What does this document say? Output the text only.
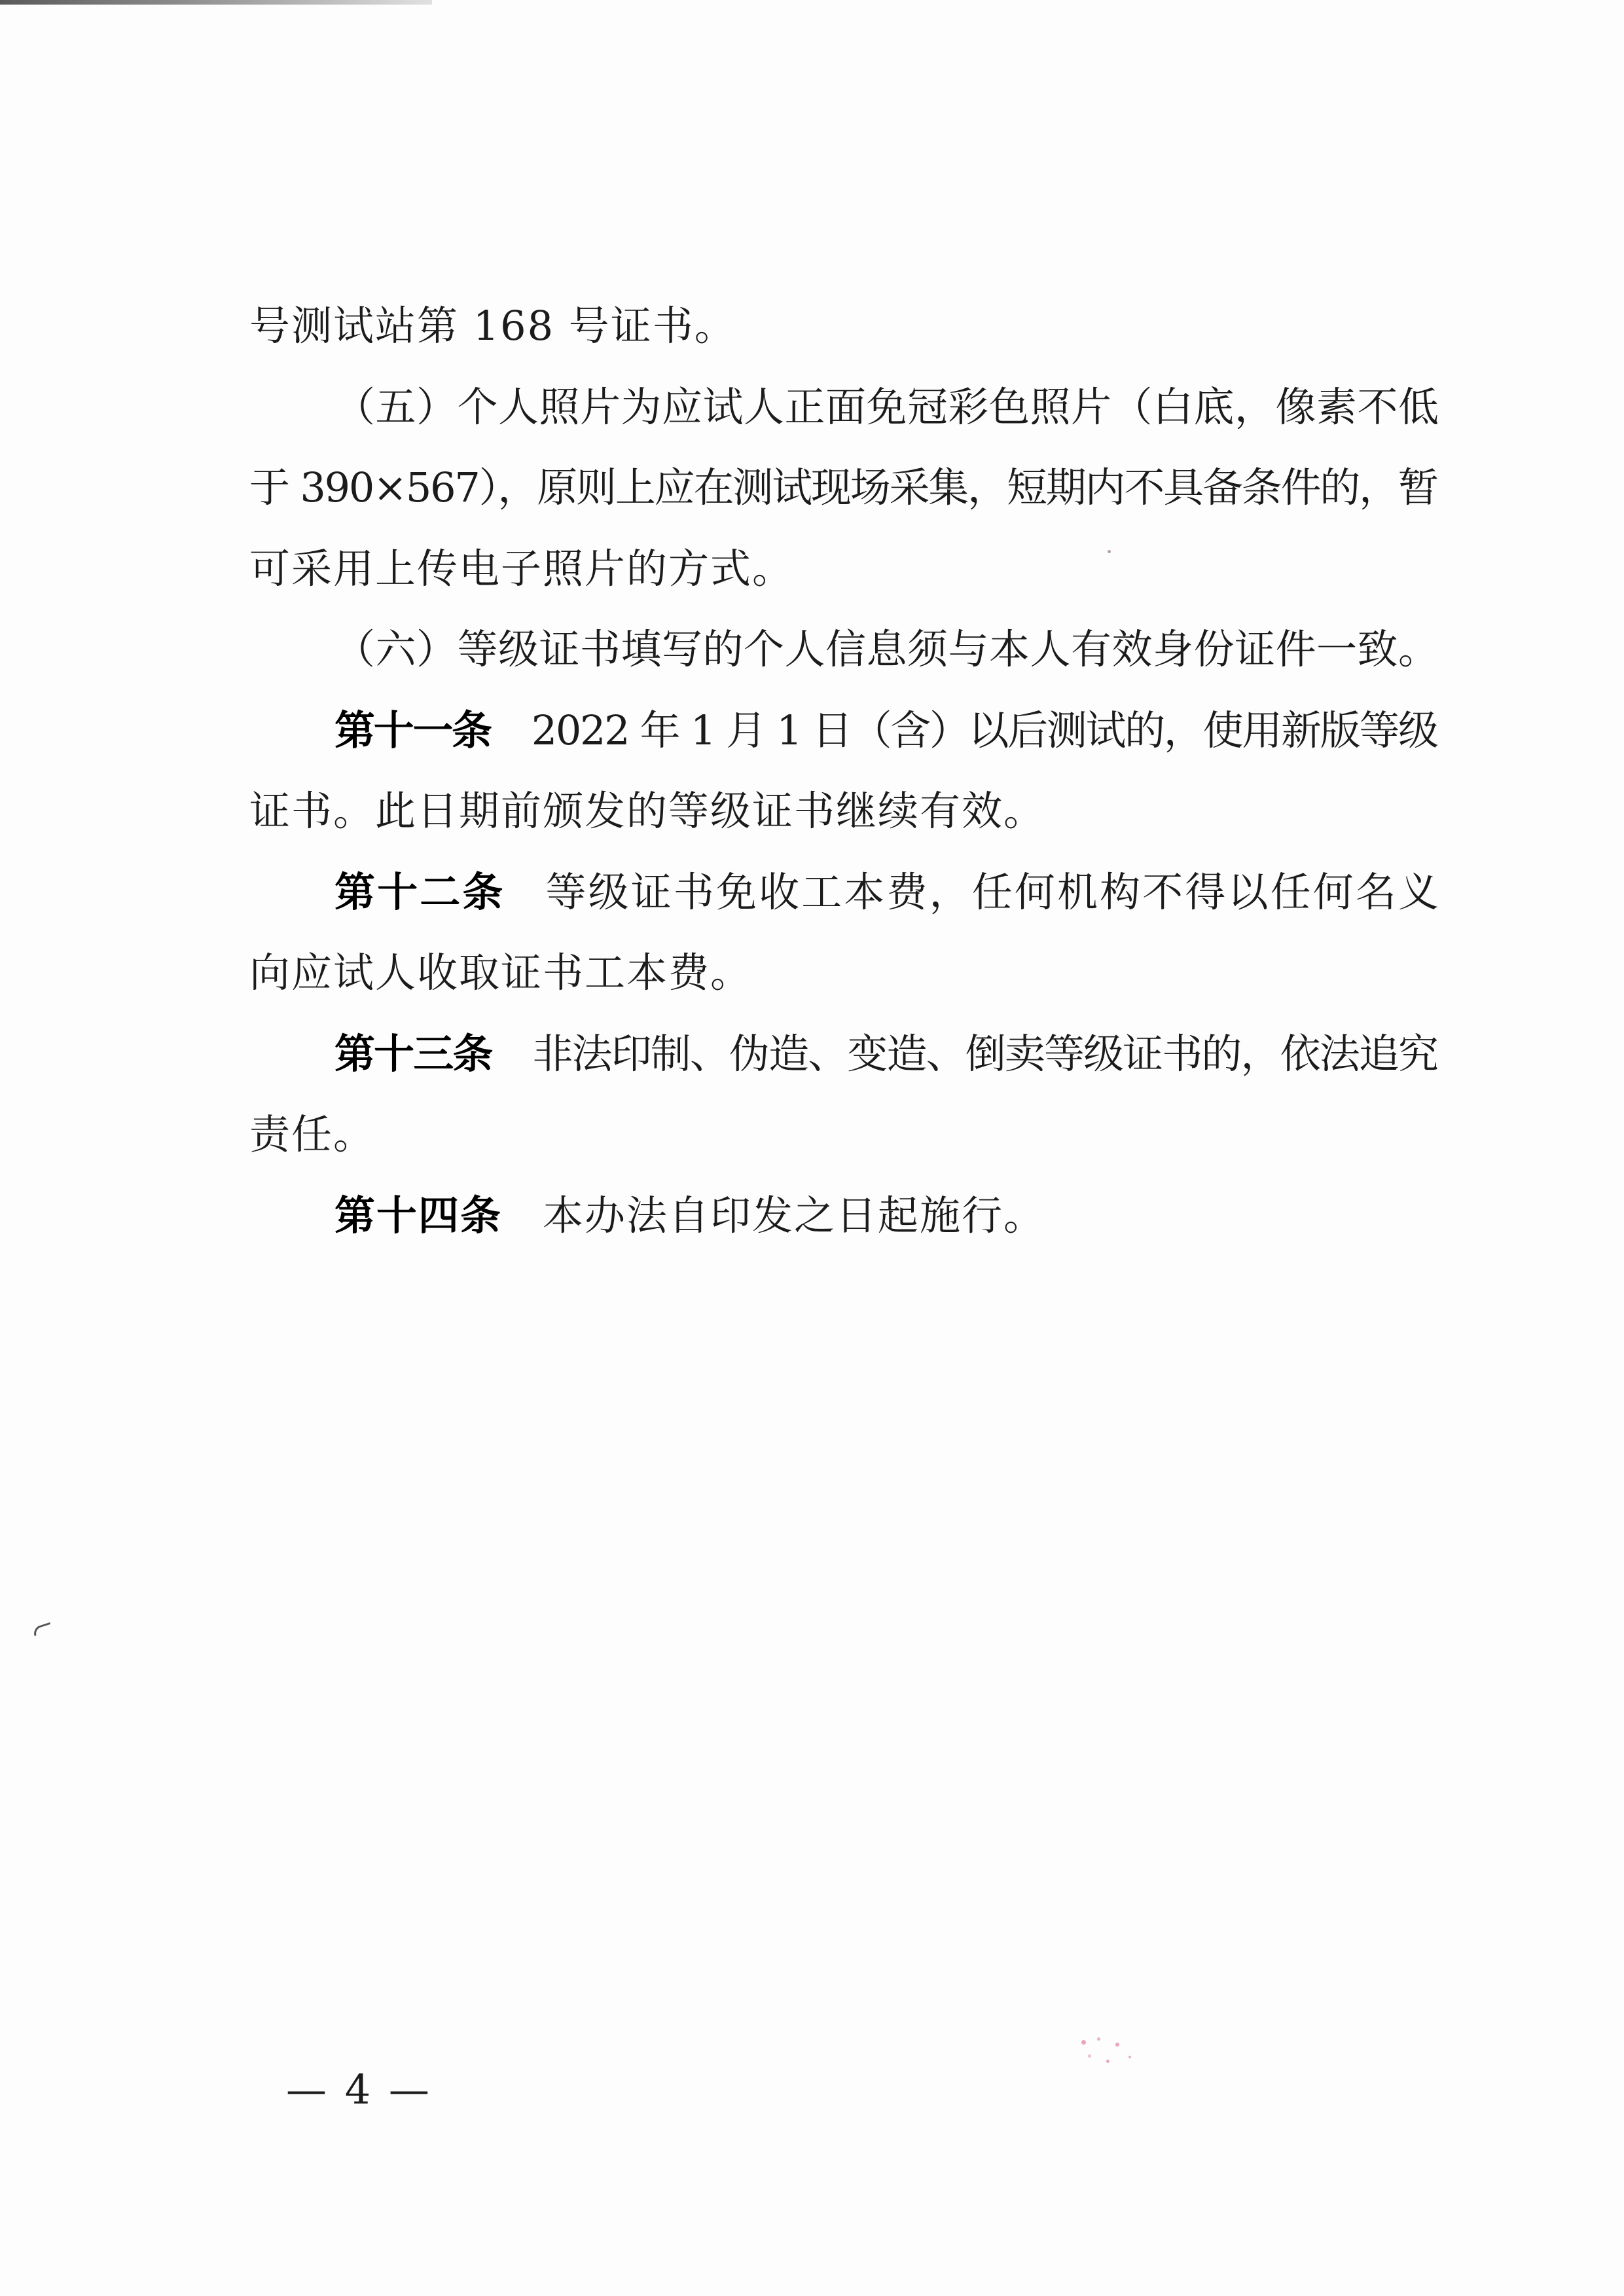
号测试站第 168 号证书。
（五）个人照片为应试人正面免冠彩色照片（白底，像素不低
于 390×567），原则上应在测试现场采集，短期内不具备条件的，暂
可采用上传电子照片的方式。
（六）等级证书填写的个人信息须与本人有效身份证件一致。
第十一条 2022 年 1 月 1 日（含）以后测试的，使用新版等级
证书。此日期前颁发的等级证书继续有效。
第十二条 等级证书免收工本费，任何机构不得以任何名义
向应试人收取证书工本费。
第十三条 非法印制、伪造、变造、倒卖等级证书的，依法追究
责任。
第十四条 本办法自印发之日起施行。
— 4 —
